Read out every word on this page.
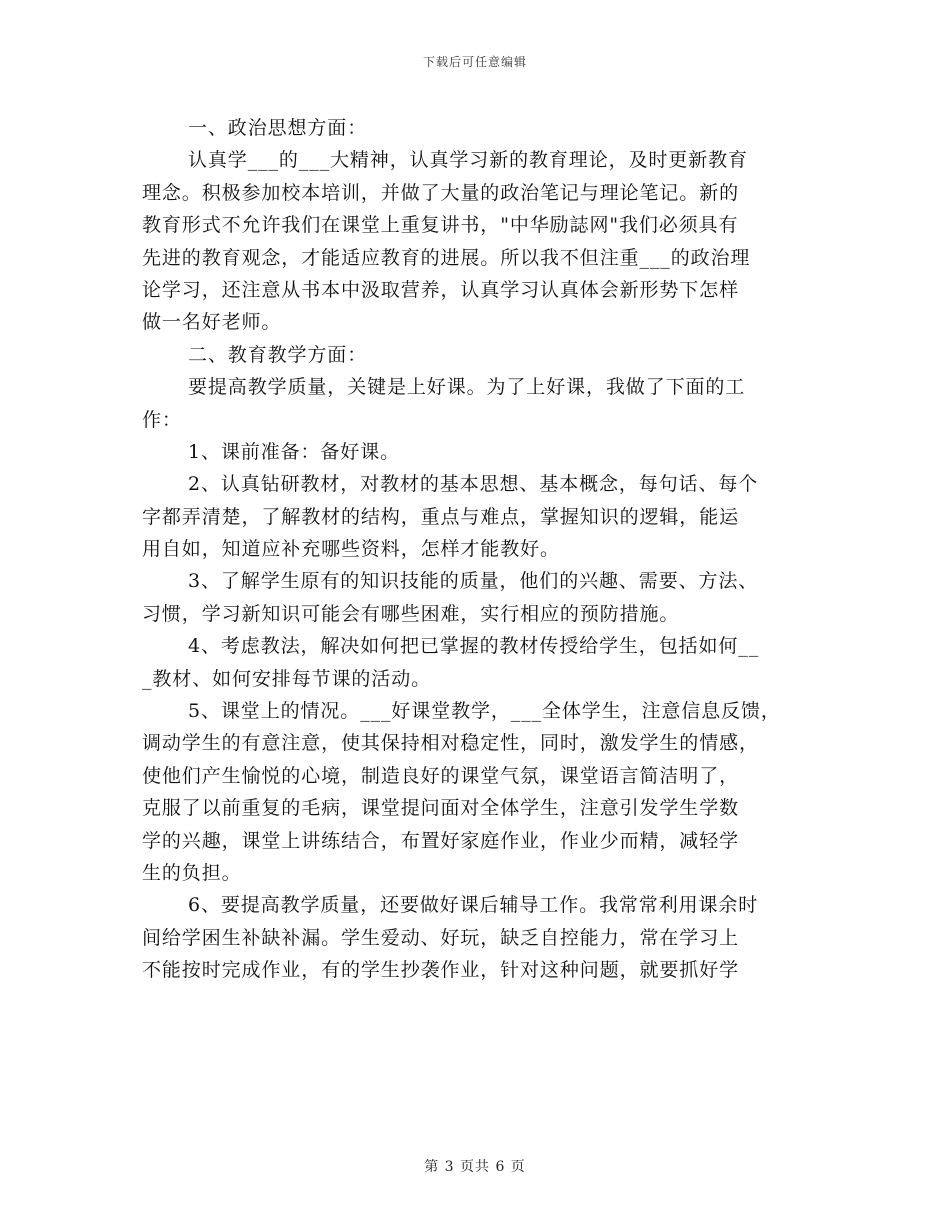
下载后可任意编辑
一、政治思想方面：
认真学___的___大精神，认真学习新的教育理论，及时更新教育
理念。积极参加校本培训，并做了大量的政治笔记与理论笔记。新的
教育形式不允许我们在课堂上重复讲书，"中华励誌网"我们必须具有
先进的教育观念，才能适应教育的进展。所以我不但注重___的政治理
论学习，还注意从书本中汲取营养，认真学习认真体会新形势下怎样
做一名好老师。
二、教育教学方面：
要提高教学质量，关键是上好课。为了上好课，我做了下面的工
作：
1、课前准备：备好课。
2、认真钻研教材，对教材的基本思想、基本概念，每句话、每个
字都弄清楚，了解教材的结构，重点与难点，掌握知识的逻辑，能运
用自如，知道应补充哪些资料，怎样才能教好。
3、了解学生原有的知识技能的质量，他们的兴趣、需要、方法、
习惯，学习新知识可能会有哪些困难，实行相应的预防措施。
4、考虑教法，解决如何把已掌握的教材传授给学生，包括如何__
_教材、如何安排每节课的活动。
5、课堂上的情况。___好课堂教学，___全体学生，注意信息反馈，
调动学生的有意注意，使其保持相对稳定性，同时，激发学生的情感，
使他们产生愉悦的心境，制造良好的课堂气氛，课堂语言简洁明了，
克服了以前重复的毛病，课堂提问面对全体学生，注意引发学生学数
学的兴趣，课堂上讲练结合，布置好家庭作业，作业少而精，减轻学
生的负担。
6、要提高教学质量，还要做好课后辅导工作。我常常利用课余时
间给学困生补缺补漏。学生爱动、好玩，缺乏自控能力，常在学习上
不能按时完成作业，有的学生抄袭作业，针对这种问题，就要抓好学
第 3 页共 6 页
